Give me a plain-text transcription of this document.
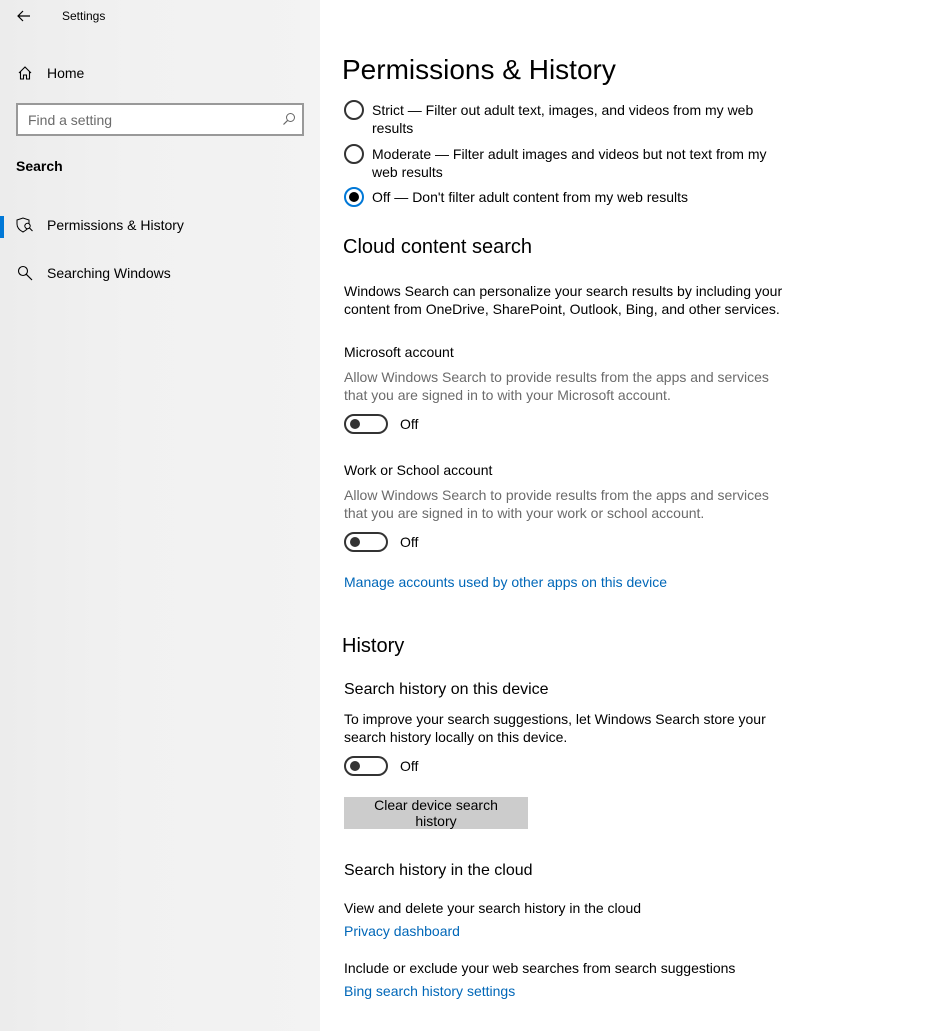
Settings
Home
Find a setting
Search
Permissions & History
Searching Windows
Permissions & History
Strict — Filter out adult text, images, and videos from my web results
Moderate — Filter adult images and videos but not text from my web results
Off — Don't filter adult content from my web results
Cloud content search
Windows Search can personalize your search results by including your content from OneDrive, SharePoint, Outlook, Bing, and other services.
Microsoft account
Allow Windows Search to provide results from the apps and services that you are signed in to with your Microsoft account.
Off
Work or School account
Allow Windows Search to provide results from the apps and services that you are signed in to with your work or school account.
Off
Manage accounts used by other apps on this device
History
Search history on this device
To improve your search suggestions, let Windows Search store your search history locally on this device.
Off
Clear device search history
Search history in the cloud
View and delete your search history in the cloud
Privacy dashboard
Include or exclude your web searches from search suggestions
Bing search history settings
